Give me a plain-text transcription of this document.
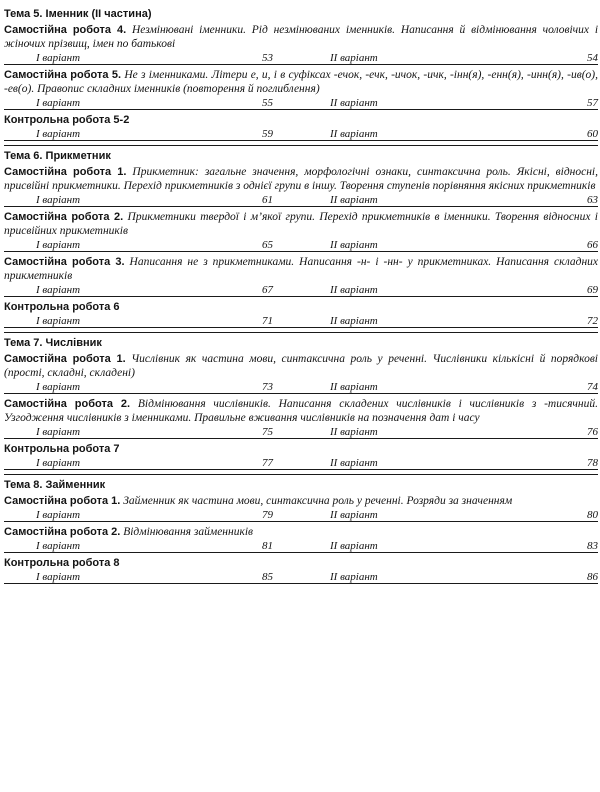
Тема 5. Іменник (ІІ частина)
Самостійна робота 4. Незмінювані іменники. Рід незмінюваних іменників. Написання й відмінювання чоловічих і жіночих прізвищ, імен по батькові
І варіант	53	ІІ варіант	54
Самостійна робота 5. Не з іменниками. Літери е, и, і в суфіксах -ечок, -ечк, -ичок, -ичк, -інн(я), -енн(я), -инн(я), -ив(о), -ев(о). Правопис складних іменників (повторення й поглиблення)
І варіант	55	ІІ варіант	57
Контрольна робота 5-2
І варіант	59	ІІ варіант	60
Тема 6. Прикметник
Самостійна робота 1. Прикметник: загальне значення, морфологічні ознаки, синтаксична роль. Якісні, відносні, присвійні прикметники. Перехід прикметників з однієї групи в іншу. Творення ступенів порівняння якісних прикметників
І варіант	61	ІІ варіант	63
Самостійна робота 2. Прикметники твердої і м’якої групи. Перехід прикметників в іменники. Творення відносних і присвійних прикметників
І варіант	65	ІІ варіант	66
Самостійна робота 3. Написання не з прикметниками. Написання -н- і -нн- у прикметниках. Написання складних прикметників
І варіант	67	ІІ варіант	69
Контрольна робота 6
І варіант	71	ІІ варіант	72
Тема 7. Числівник
Самостійна робота 1. Числівник як частина мови, синтаксична роль у реченні. Числівники кількісні й порядкові (прості, складні, складені)
І варіант	73	ІІ варіант	74
Самостійна робота 2. Відмінювання числівників. Написання складених числівників і числівників з -тисячний. Узгодження числівників з іменниками. Правильне вживання числівників на позначення дат і часу
І варіант	75	ІІ варіант	76
Контрольна робота 7
І варіант	77	ІІ варіант	78
Тема 8. Займенник
Самостійна робота 1. Займенник як частина мови, синтаксична роль у реченні. Розряди за значенням
І варіант	79	ІІ варіант	80
Самостійна робота 2. Відмінювання займенників
І варіант	81	ІІ варіант	83
Контрольна робота 8
І варіант	85	ІІ варіант	86
